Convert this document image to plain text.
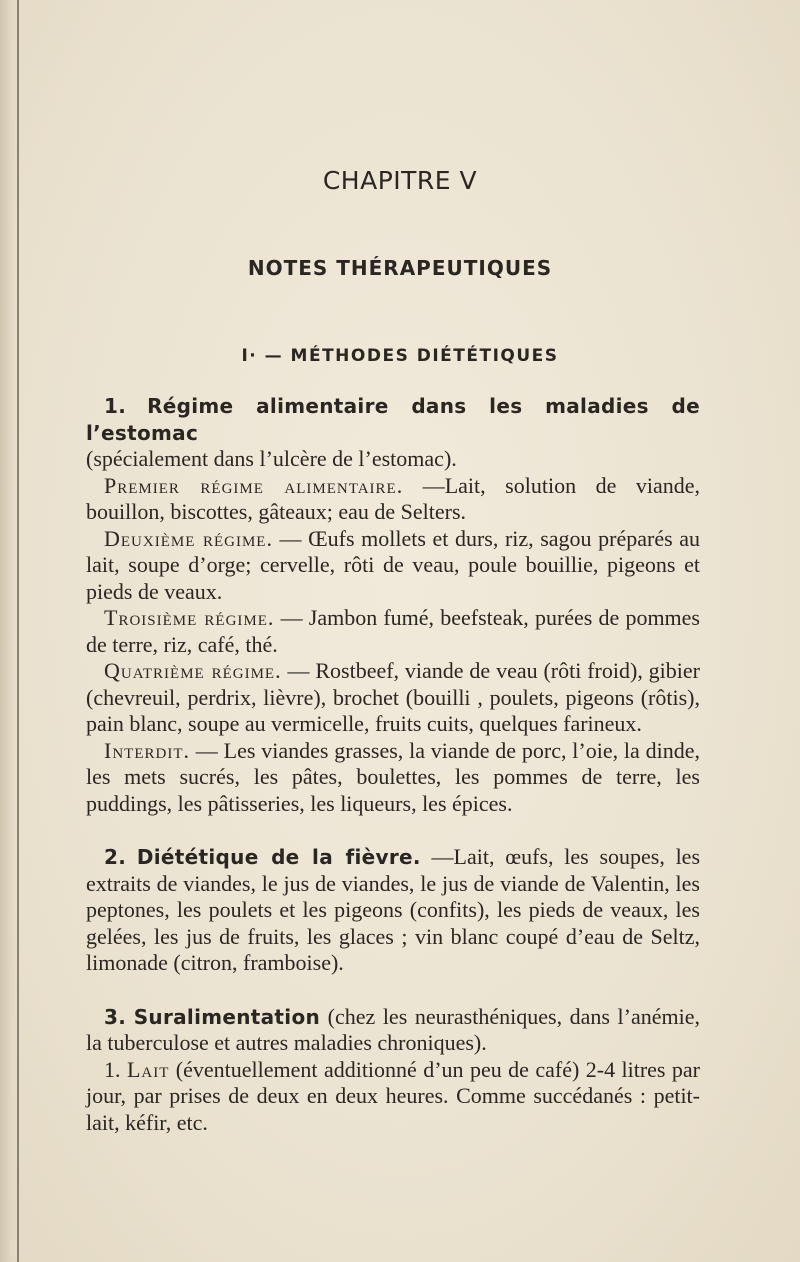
CHAPITRE V
NOTES THÉRAPEUTIQUES
I· — MÉTHODES DIÉTÉTIQUES

1. Régime alimentaire dans les maladies de l’estomac

(spécialement dans l’ulcère de l’estomac).

Premier régime alimentaire. —Lait, solution de viande, bouillon, biscottes, gâteaux; eau de Selters.

Deuxième régime. — Œufs mollets et durs, riz, sagou préparés au lait, soupe d’orge; cervelle, rôti de veau, poule bouillie, pigeons et pieds de veaux.

Troisième régime. — Jambon fumé, beefsteak, purées de pommes de terre, riz, café, thé.

Quatrième régime. — Rostbeef, viande de veau (rôti froid), gibier (chevreuil, perdrix, lièvre), brochet (bouilli , poulets, pigeons (rôtis), pain blanc, soupe au vermicelle, fruits cuits, quelques farineux.

Interdit. — Les viandes grasses, la viande de porc, l’oie, la dinde, les mets sucrés, les pâtes, boulettes, les pommes de terre, les puddings, les pâtisseries, les liqueurs, les épices.

2. Diététique de la fièvre. —Lait, œufs, les soupes, les extraits de viandes, le jus de viandes, le jus de viande de Valentin, les peptones, les poulets et les pigeons (confits), les pieds de veaux, les gelées, les jus de fruits, les glaces ; vin blanc coupé d’eau de Seltz, limonade (citron, framboise).

3. Suralimentation (chez les neurasthéniques, dans l’anémie, la tuberculose et autres maladies chroniques).

1. Lait (éventuellement additionné d’un peu de café) 2-4 litres par jour, par prises de deux en deux heures. Comme succédanés : petit-lait, kéfir, etc.
